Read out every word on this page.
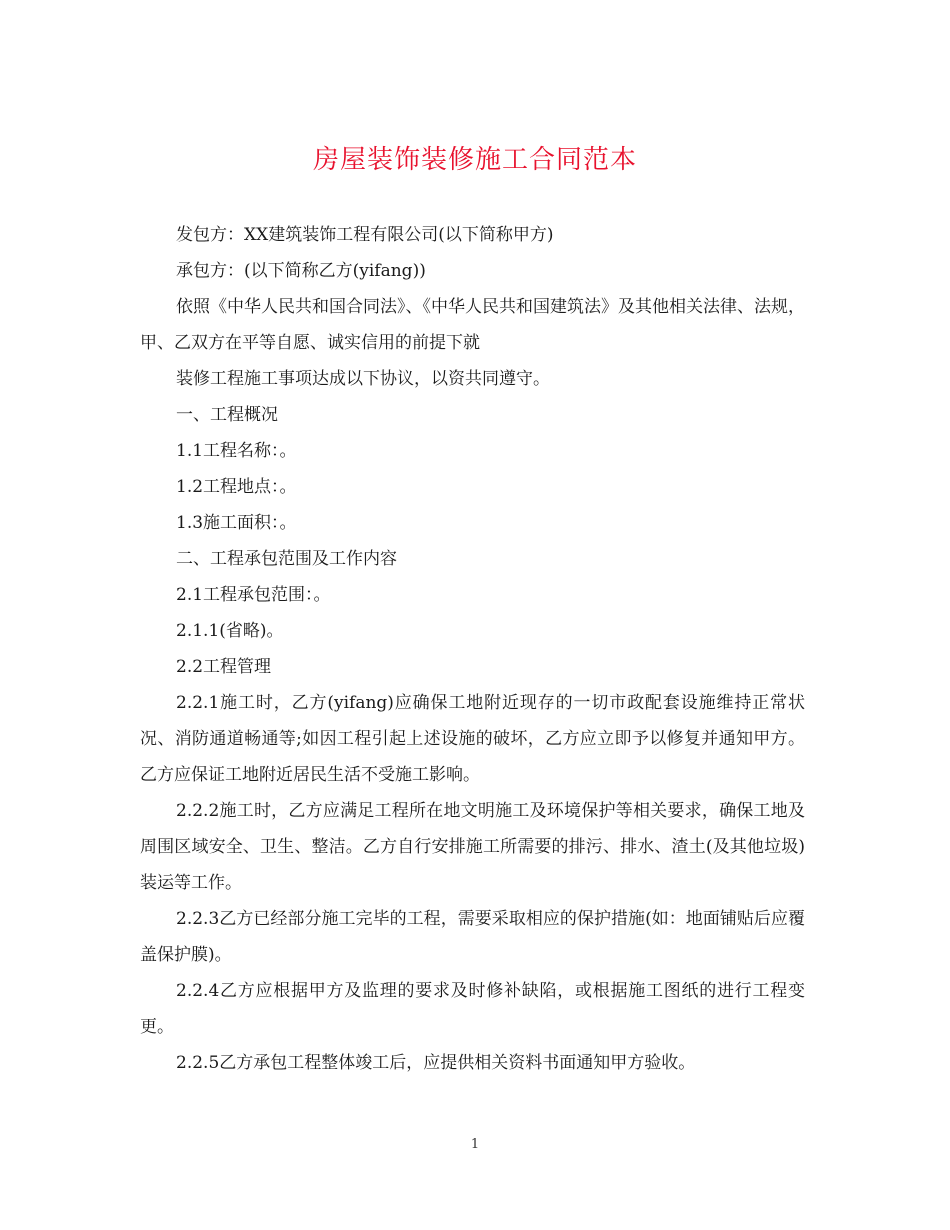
房屋装饰装修施工合同范本

发包方：XX建筑装饰工程有限公司(以下简称甲方)

承包方：(以下简称乙方(yifang))

依照《中华人民共和国合同法》、《中华人民共和国建筑法》及其他相关法律、法规，甲、乙双方在平等自愿、诚实信用的前提下就

装修工程施工事项达成以下协议，以资共同遵守。

一、工程概况

1.1工程名称：。

1.2工程地点：。

1.3施工面积：。

二、工程承包范围及工作内容

2.1工程承包范围：。

2.1.1(省略)。

2.2工程管理

2.2.1施工时，乙方(yifang)应确保工地附近现存的一切市政配套设施维持正常状况、消防通道畅通等;如因工程引起上述设施的破坏，乙方应立即予以修复并通知甲方。乙方应保证工地附近居民生活不受施工影响。

2.2.2施工时，乙方应满足工程所在地文明施工及环境保护等相关要求，确保工地及周围区域安全、卫生、整洁。乙方自行安排施工所需要的排污、排水、渣土(及其他垃圾)装运等工作。

2.2.3乙方已经部分施工完毕的工程，需要采取相应的保护措施(如：地面铺贴后应覆盖保护膜)。

2.2.4乙方应根据甲方及监理的要求及时修补缺陷，或根据施工图纸的进行工程变更。

2.2.5乙方承包工程整体竣工后，应提供相关资料书面通知甲方验收。

1
